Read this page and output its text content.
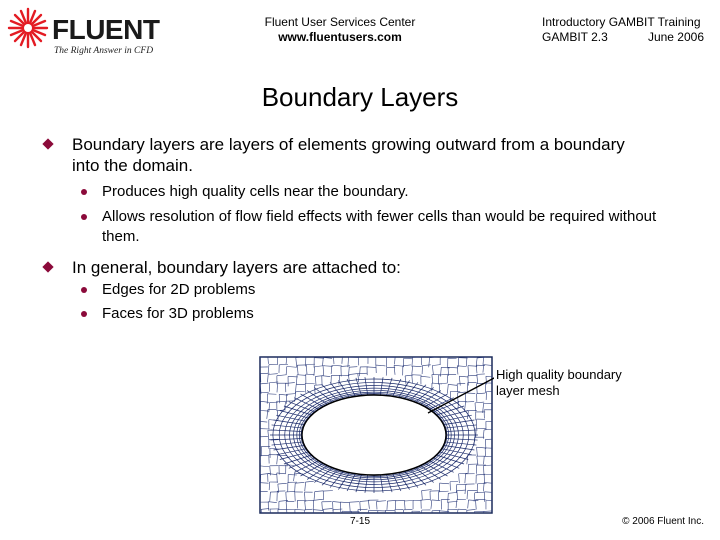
FLUENT
The Right Answer in CFD
Fluent User Services Center
www.fluentusers.com
Introductory GAMBIT Training
GAMBIT 2.3	June 2006
Boundary Layers
Boundary layers are layers of elements growing outward from a boundary into the domain.
Produces high quality cells near the boundary.
Allows resolution of flow field effects with fewer cells than would be required without them.
In general, boundary layers are attached to:
Edges for 2D problems
Faces for 3D problems
High quality boundary layer mesh
7-15	© 2006 Fluent Inc.
